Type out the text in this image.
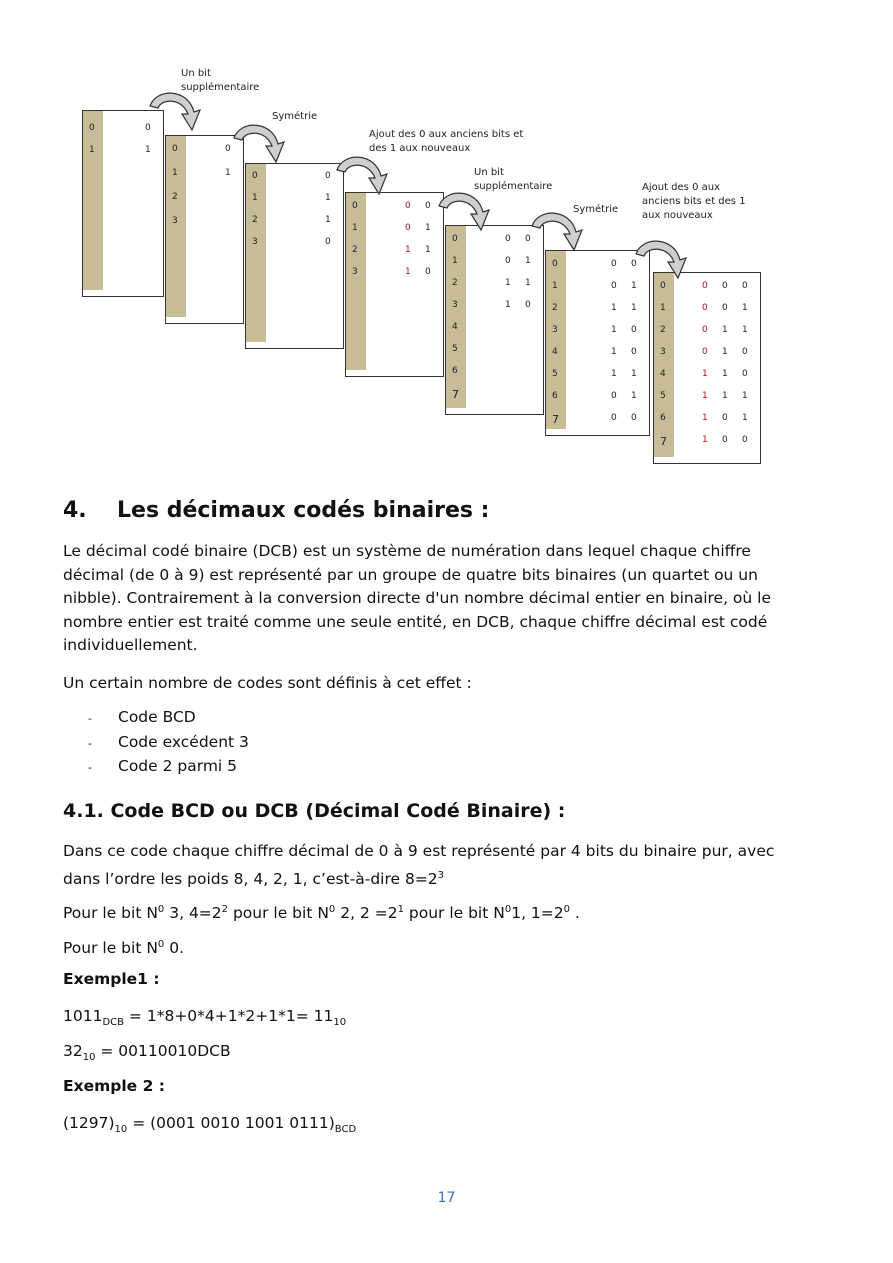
0
1
0
1 0
1
2
3
0
1 0
1
2
3
0
1
1
0
0
1
2
3
0 0
0 1
1 1
1 0
0
1
2
3
4
5
6
7
0 0
0 1
1 1
1 0
0
1
2
3
4
5
6
7
0 0
0 1
1 1
1 0
1 0
1 1
0 1
0 0
0
1
2
3
4
5
6
7
0 0 0
0 0 1
0 1 1
0 1 0
1 1 0
1 1 1
1 0 1
1 0 0
Un bit
supplémentaire
Symétrie
Ajout des 0 aux anciens bits et
des 1 aux nouveaux
Un bit
supplémentaire
Symétrie
Ajout des 0 aux
anciens bits et des 1
aux nouveaux
4. Les décimaux codés binaires :
Le décimal codé binaire (DCB) est un système de numération dans lequel chaque chiffre décimal (de 0 à 9) est représenté par un groupe de quatre bits binaires (un quartet ou un nibble). Contrairement à la conversion directe d'un nombre décimal entier en binaire, où le nombre entier est traité comme une seule entité, en DCB, chaque chiffre décimal est codé individuellement.
Un certain nombre de codes sont définis à cet effet :
- Code BCD
- Code excédent 3
- Code 2 parmi 5
4.1. Code BCD ou DCB (Décimal Codé Binaire) :
Dans ce code chaque chiffre décimal de 0 à 9 est représenté par 4 bits du binaire pur, avec dans l’ordre les poids 8, 4, 2, 1, c’est-à-dire $8=2^3$
Pour le bit $N^0$ 3, $4=2^2$ pour le bit $N^0$ 2, $2 =2^1$ pour le bit $N^01$, $1=2^0$ .
Pour le bit $N^0$ 0.
Exemple1 :
$1011_{DCB} = 1*8+0*4+1*2+1*1= 11_{10}$
$32_{10} = 00110010DCB$
Exemple 2 :
$(1297)_{10} = (0001$ 0010 1001 $0111)_{BCD}$
17
